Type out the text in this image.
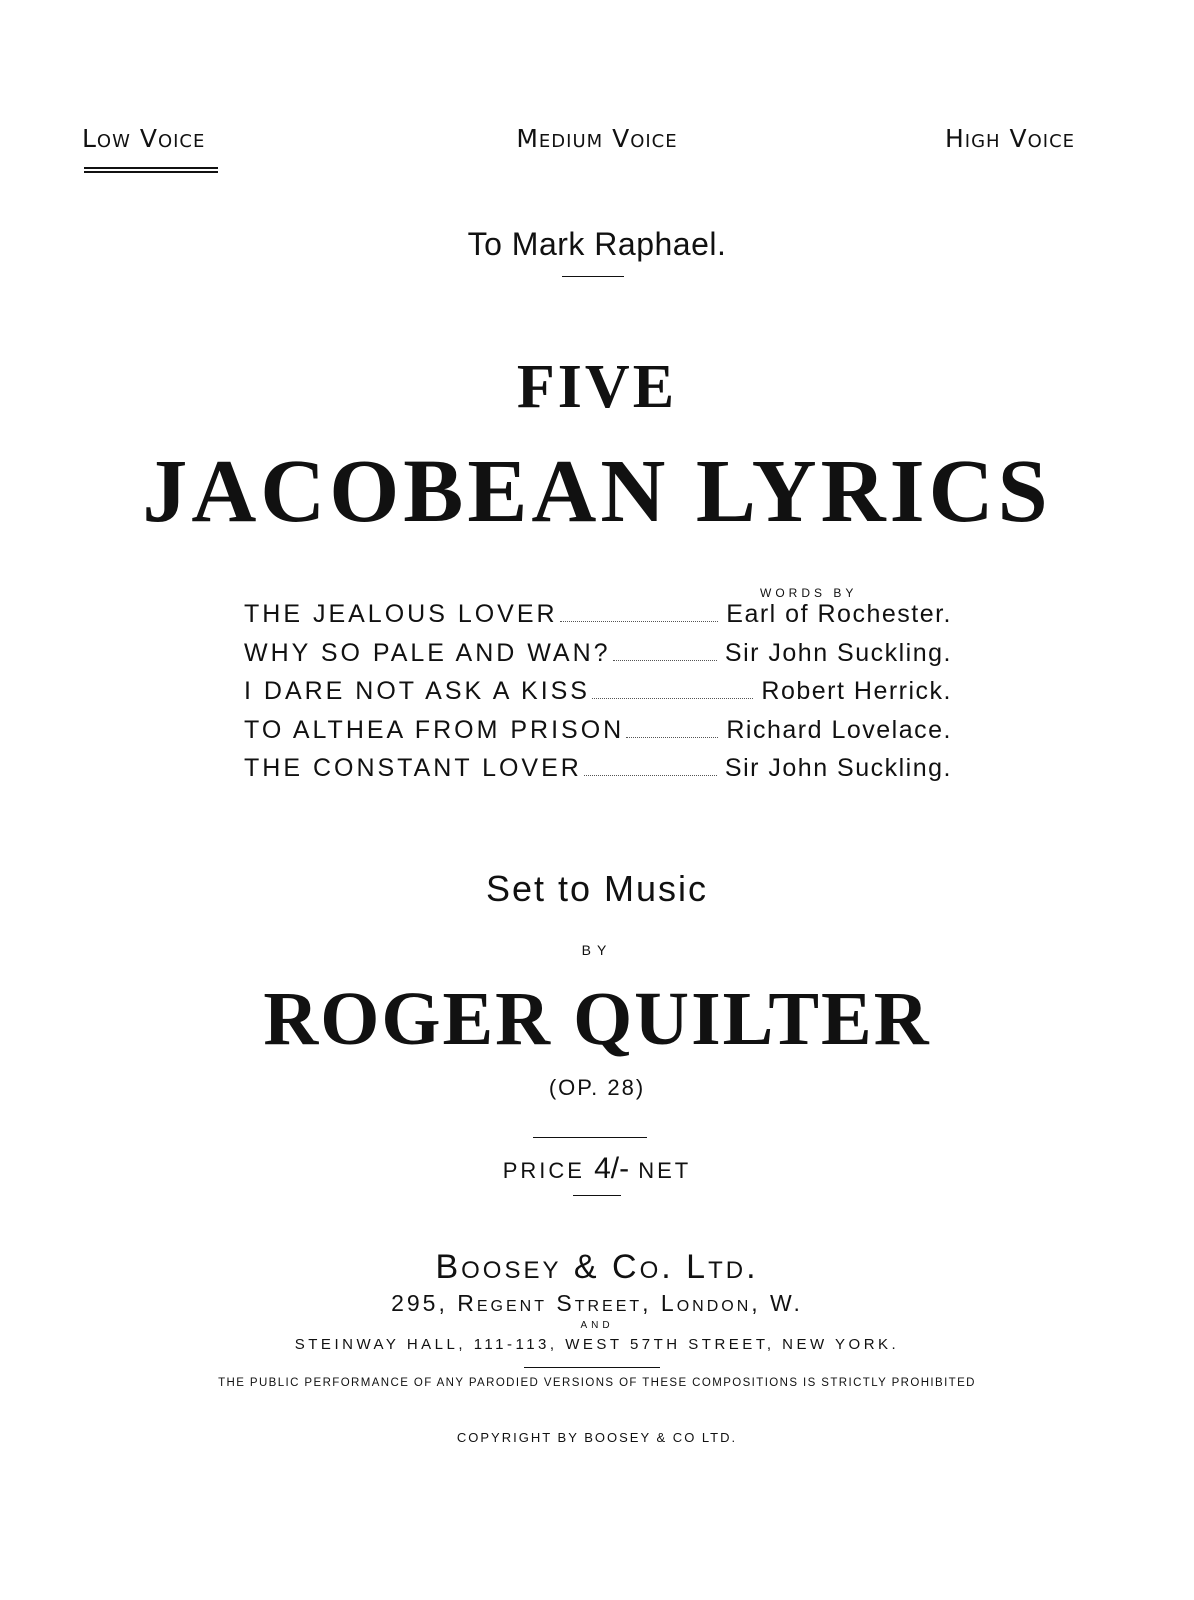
Low Voice	Medium Voice	High Voice
To Mark Raphael.
FIVE
JACOBEAN LYRICS
WORDS BY
THE JEALOUS LOVER	Earl of Rochester.
WHY SO PALE AND WAN?	Sir John Suckling.
I DARE NOT ASK A KISS	Robert Herrick.
TO ALTHEA FROM PRISON	Richard Lovelace.
THE CONSTANT LOVER	Sir John Suckling.
Set to Music
BY
ROGER QUILTER
(OP. 28)
PRICE 4/- NET
Boosey & Co. Ltd.
295, Regent Street, London, W.
AND
STEINWAY HALL, 111-113, WEST 57TH STREET, NEW YORK.
THE PUBLIC PERFORMANCE OF ANY PARODIED VERSIONS OF THESE COMPOSITIONS IS STRICTLY PROHIBITED
COPYRIGHT BY BOOSEY & CO LTD.
